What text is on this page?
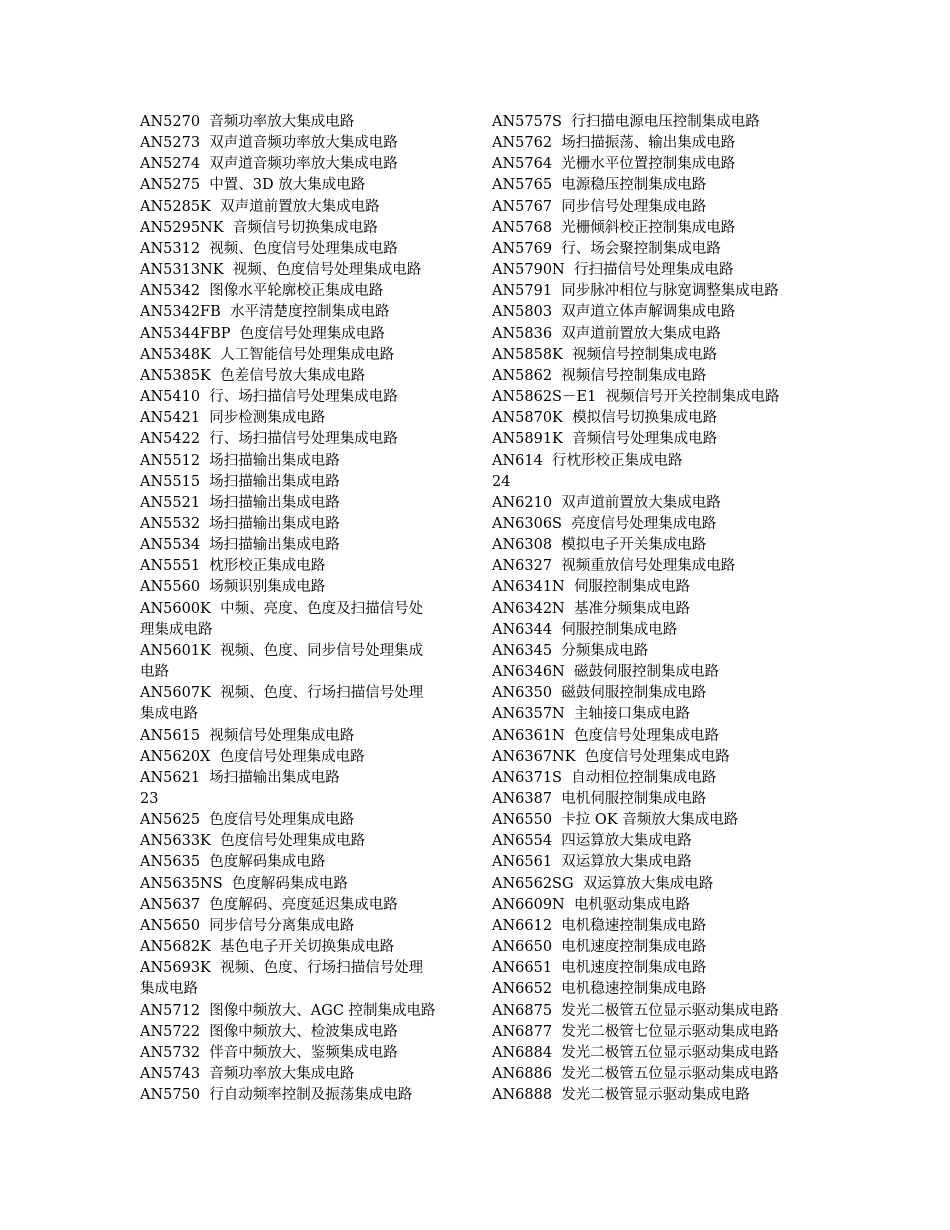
AN5270  音频功率放大集成电路
AN5273  双声道音频功率放大集成电路
AN5274  双声道音频功率放大集成电路
AN5275  中置、3D 放大集成电路
AN5285K  双声道前置放大集成电路
AN5295NK  音频信号切换集成电路
AN5312  视频、色度信号处理集成电路
AN5313NK  视频、色度信号处理集成电路
AN5342  图像水平轮廓校正集成电路
AN5342FB  水平清楚度控制集成电路
AN5344FBP  色度信号处理集成电路
AN5348K  人工智能信号处理集成电路
AN5385K  色差信号放大集成电路
AN5410  行、场扫描信号处理集成电路
AN5421  同步检测集成电路
AN5422  行、场扫描信号处理集成电路
AN5512  场扫描输出集成电路
AN5515  场扫描输出集成电路
AN5521  场扫描输出集成电路
AN5532  场扫描输出集成电路
AN5534  场扫描输出集成电路
AN5551  枕形校正集成电路
AN5560  场频识别集成电路
AN5600K  中频、亮度、色度及扫描信号处
理集成电路
AN5601K  视频、色度、同步信号处理集成
电路
AN5607K  视频、色度、行场扫描信号处理
集成电路
AN5615  视频信号处理集成电路
AN5620X  色度信号处理集成电路
AN5621  场扫描输出集成电路
23
AN5625  色度信号处理集成电路
AN5633K  色度信号处理集成电路
AN5635  色度解码集成电路
AN5635NS  色度解码集成电路
AN5637  色度解码、亮度延迟集成电路
AN5650  同步信号分离集成电路
AN5682K  基色电子开关切换集成电路
AN5693K  视频、色度、行场扫描信号处理
集成电路
AN5712  图像中频放大、AGC 控制集成电路
AN5722  图像中频放大、检波集成电路
AN5732  伴音中频放大、鉴频集成电路
AN5743  音频功率放大集成电路
AN5750  行自动频率控制及振荡集成电路
AN5757S  行扫描电源电压控制集成电路
AN5762  场扫描振荡、输出集成电路
AN5764  光栅水平位置控制集成电路
AN5765  电源稳压控制集成电路
AN5767  同步信号处理集成电路
AN5768  光栅倾斜校正控制集成电路
AN5769  行、场会聚控制集成电路
AN5790N  行扫描信号处理集成电路
AN5791  同步脉冲相位与脉宽调整集成电路
AN5803  双声道立体声解调集成电路
AN5836  双声道前置放大集成电路
AN5858K  视频信号控制集成电路
AN5862  视频信号控制集成电路
AN5862S－E1  视频信号开关控制集成电路
AN5870K  模拟信号切换集成电路
AN5891K  音频信号处理集成电路
AN614  行枕形校正集成电路
24
AN6210  双声道前置放大集成电路
AN6306S  亮度信号处理集成电路
AN6308  模拟电子开关集成电路
AN6327  视频重放信号处理集成电路
AN6341N  伺服控制集成电路
AN6342N  基准分频集成电路
AN6344  伺服控制集成电路
AN6345  分频集成电路
AN6346N  磁鼓伺服控制集成电路
AN6350  磁鼓伺服控制集成电路
AN6357N  主轴接口集成电路
AN6361N  色度信号处理集成电路
AN6367NK  色度信号处理集成电路
AN6371S  自动相位控制集成电路
AN6387  电机伺服控制集成电路
AN6550  卡拉 OK 音频放大集成电路
AN6554  四运算放大集成电路
AN6561  双运算放大集成电路
AN6562SG  双运算放大集成电路
AN6609N  电机驱动集成电路
AN6612  电机稳速控制集成电路
AN6650  电机速度控制集成电路
AN6651  电机速度控制集成电路
AN6652  电机稳速控制集成电路
AN6875  发光二极管五位显示驱动集成电路
AN6877  发光二极管七位显示驱动集成电路
AN6884  发光二极管五位显示驱动集成电路
AN6886  发光二极管五位显示驱动集成电路
AN6888  发光二极管显示驱动集成电路
